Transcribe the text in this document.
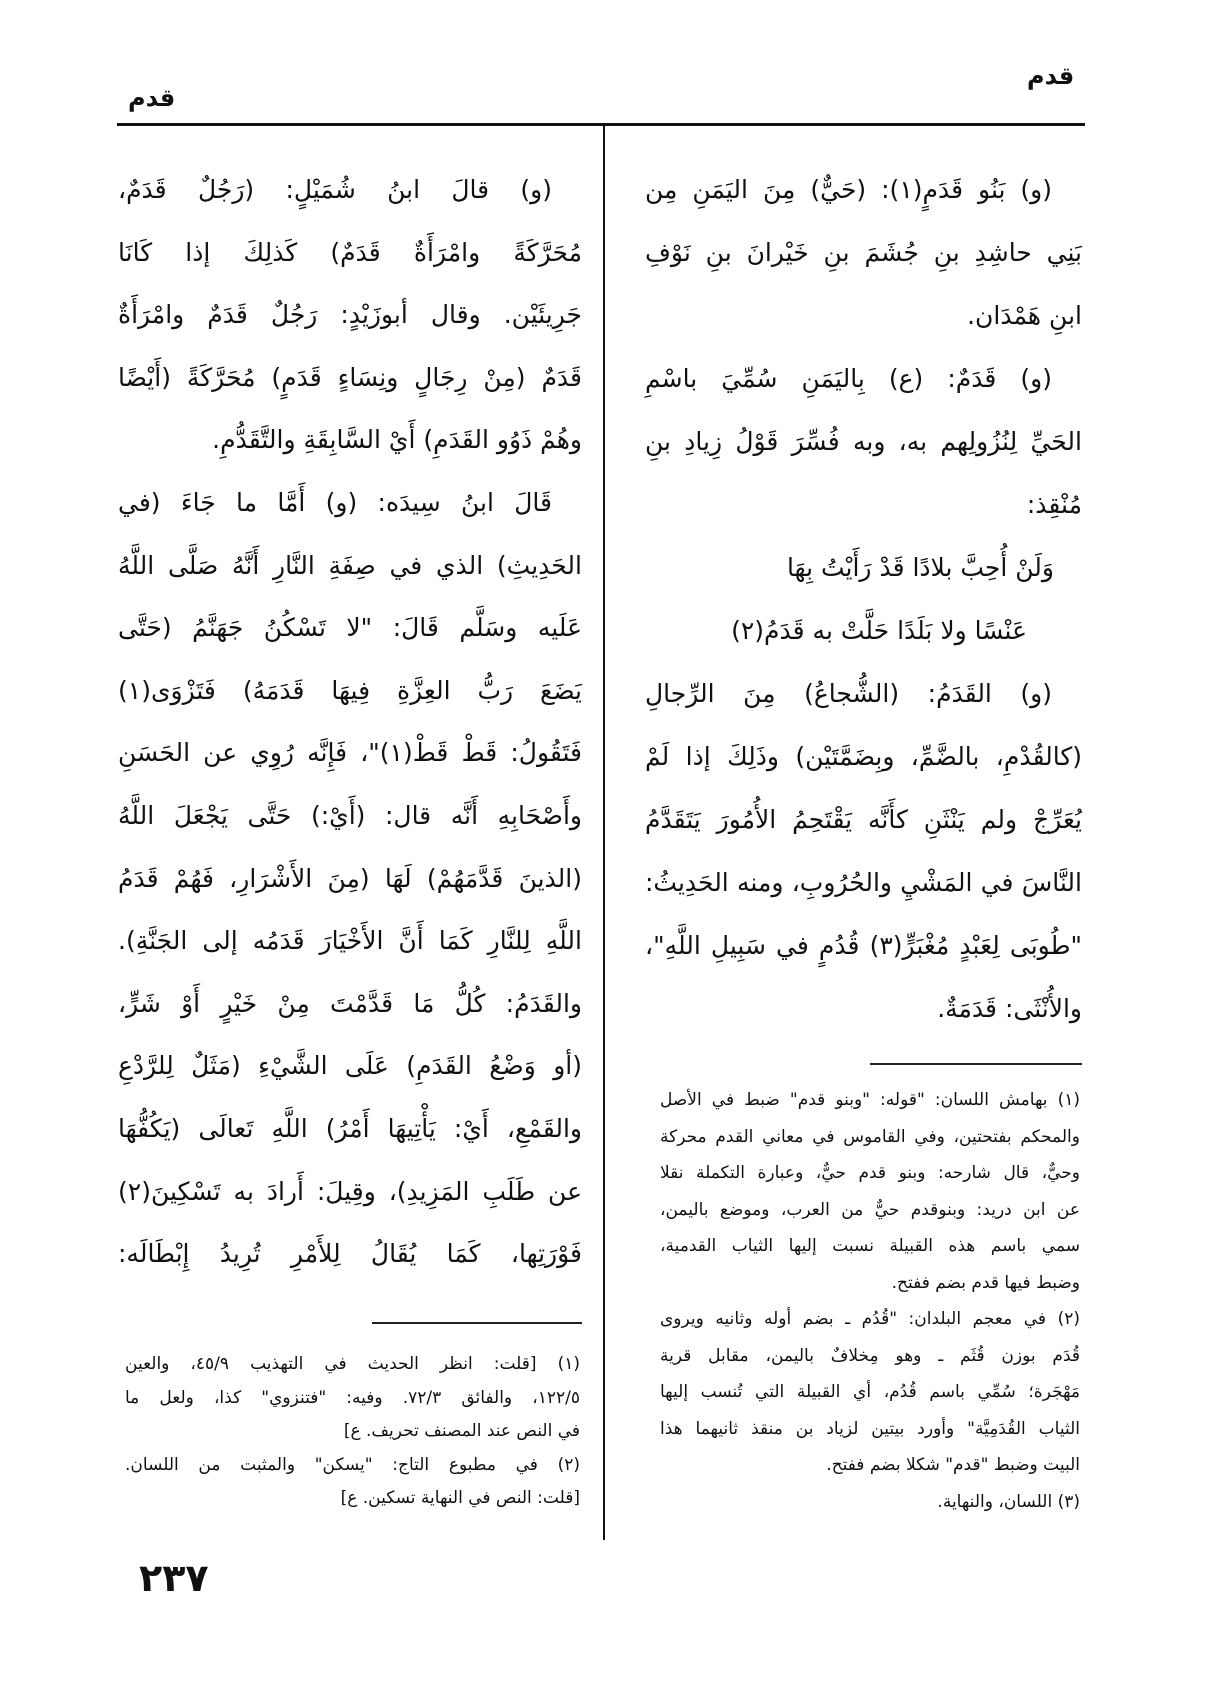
قدم
قدم
(و) بَنُو قَدَمٍ(١): (حَيٌّ) مِنَ اليَمَنِ مِن
بَنِي حاشِدِ بنِ جُشَمَ بنِ خَيْرانَ بنِ نَوْفِ
ابنِ هَمْدَان.
(و) قَدَمٌ: (ع) بِاليَمَنِ سُمِّيَ باسْمِ
الحَيِّ لِنُزُولِهم به، وبه فُسِّرَ قَوْلُ زِيادِ بنِ
مُنْقِذ:
وَلَنْ أُحِبَّ بلادًا قَدْ رَأَيْتُ بِهَا
عَنْسًا ولا بَلَدًا حَلَّتْ به قَدَمُ(٢)
(و) القَدَمُ: (الشُّجاعُ) مِنَ الرِّجالِ
(كالقُدْمِ، بالضَّمِّ، وبِضَمَّتَيْن) وذَلِكَ إذا لَمْ
يُعَرِّجْ ولم يَنْثَنِ كأَنَّه يَقْتَحِمُ الأُمُورَ يَتَقَدَّمُ
النَّاسَ في المَشْيِ والحُرُوبِ، ومنه الحَدِيثُ:
"طُوبَى لِعَبْدٍ مُغْبَرٍّ(٣) قُدُمٍ في سَبِيلِ اللَّهِ"،
والأُنْثَى: قَدَمَةٌ.
(١) بهامش اللسان: "قوله: "وبنو قدم" ضبط في الأصل
والمحكم بفتحتين، وفي القاموس في معاني القدم محركة
وحيٌّ، قال شارحه: وبنو قدم حيٌّ، وعبارة التكملة نقلا
عن ابن دريد: وبنوقدم حيٌّ من العرب، وموضع باليمن،
سمي باسم هذه القبيلة نسبت إليها الثياب القدمية،
وضبط فيها قدم بضم ففتح.
(٢) في معجم البلدان: "قُدُم ـ بضم أوله وثانيه ويروى
قُدَم بوزن قُثَم ـ وهو مِخلافٌ باليمن، مقابل قرية
مَهْجَرة؛ سُمِّي باسم قُدُم، أي القبيلة التي تُنسب إليها
الثياب القُدَمِيَّة" وأورد بيتين لزياد بن منقذ ثانيهما هذا
البيت وضبط "قدم" شكلا بضم ففتح.
(٣) اللسان، والنهاية.
(و) قالَ ابنُ شُمَيْلٍ: (رَجُلٌ قَدَمٌ،
مُحَرَّكَةً وامْرَأَةٌ قَدَمٌ) كَذلِكَ إذا كَانَا
جَرِيئَيْن. وقال أبوزَيْدٍ: رَجُلٌ قَدَمٌ وامْرَأَةٌ
قَدَمٌ (مِنْ رِجَالٍ ونِسَاءٍ قَدَمٍ) مُحَرَّكَةً (أَيْضًا
وهُمْ ذَوُو القَدَمِ) أَيْ السَّابِقَةِ والتَّقَدُّمِ.
قَالَ ابنُ سِيدَه: (و) أَمَّا ما جَاءَ (في
الحَدِيثِ) الذي في صِفَةِ النَّارِ أَنَّهُ صَلَّى اللَّهُ
عَلَيه وسَلَّم قَالَ: "لا تَسْكُنُ جَهَنَّمُ (حَتَّى
يَضَعَ رَبُّ العِزَّةِ فِيهَا قَدَمَهُ) فَتَزْوَى(١)
فَتَقُولُ: قَطْ قَطْ(١)"، فَإِنَّه رُوِي عن الحَسَنِ
وأَصْحَابِهِ أَنَّه قال: (أَيْ:) حَتَّى يَجْعَلَ اللَّهُ
(الذينَ قَدَّمَهُمْ) لَهَا (مِنَ الأَشْرَارِ، فَهُمْ قَدَمُ
اللَّهِ لِلنَّارِ كَمَا أَنَّ الأَخْيَارَ قَدَمُه إلى الجَنَّةِ).
والقَدَمُ: كُلُّ مَا قَدَّمْتَ مِنْ خَيْرٍ أَوْ شَرٍّ،
(أو وَضْعُ القَدَمِ) عَلَى الشَّيْءِ (مَثَلٌ لِلرَّدْعِ
والقَمْعِ، أَيْ: يَأْتِيهَا أَمْرُ) اللَّهِ تَعالَى (يَكُفُّهَا
عن طَلَبِ المَزِيدِ)، وقِيلَ: أَرادَ به تَسْكِينَ(٢)
فَوْرَتِها، كَمَا يُقَالُ لِلأَمْرِ تُرِيدُ إِبْطَالَه:
(١) [قلت: انظر الحديث في التهذيب ٤٥/٩، والعين
١٢٢/٥، والفائق ٧٢/٣. وفيه: "فتنزوي" كذا، ولعل ما
في النص عند المصنف تحريف. ع]
(٢) في مطبوع التاج: "يسكن" والمثبت من اللسان.
[قلت: النص في النهاية تسكين. ع]
٢٣٧
